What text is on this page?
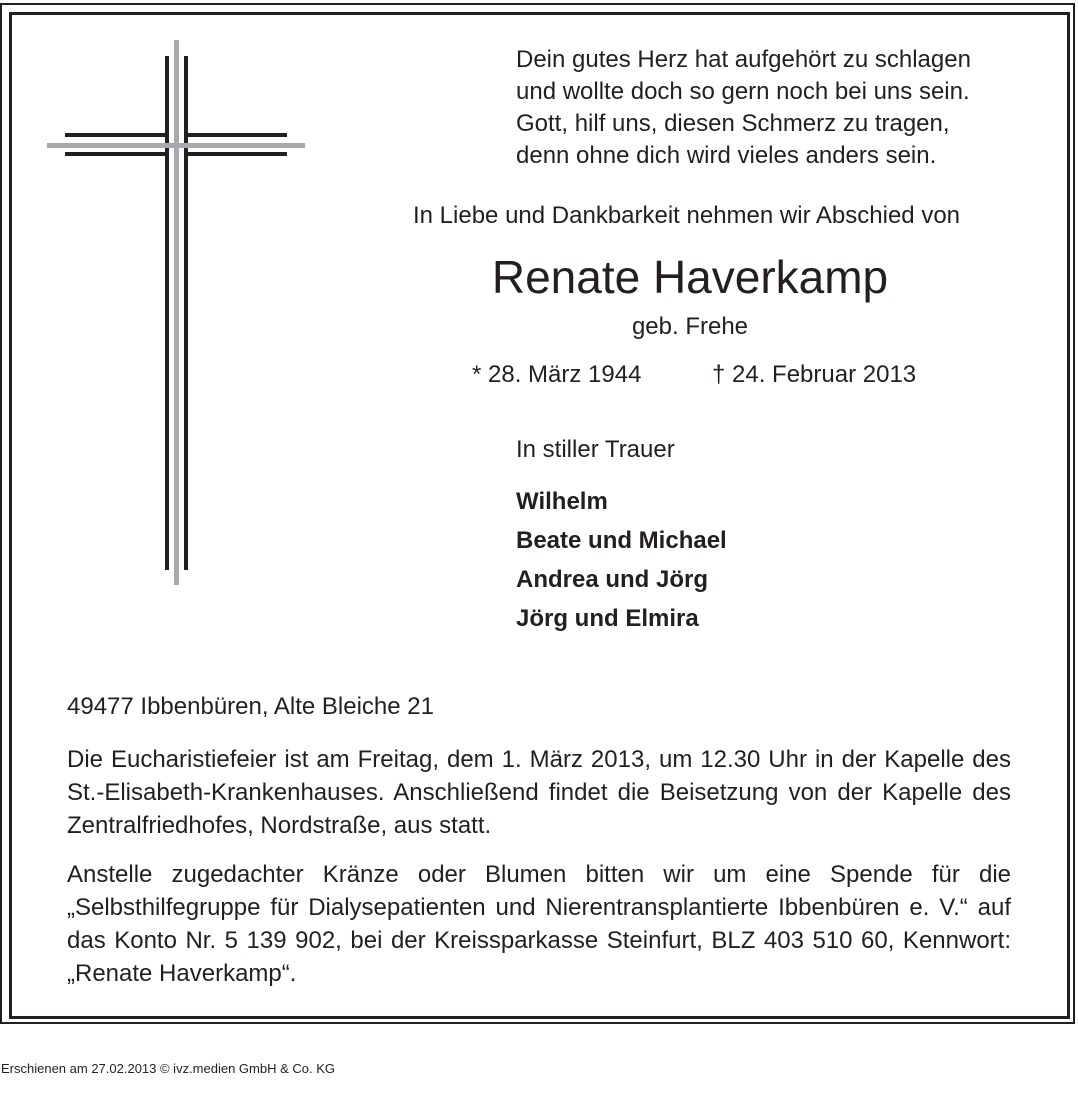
Dein gutes Herz hat aufgehört zu schlagen
und wollte doch so gern noch bei uns sein.
Gott, hilf uns, diesen Schmerz zu tragen,
denn ohne dich wird vieles anders sein.
In Liebe und Dankbarkeit nehmen wir Abschied von
Renate Haverkamp
geb. Frehe
* 28. März 1944	† 24. Februar 2013
In stiller Trauer
Wilhelm
Beate und Michael
Andrea und Jörg
Jörg und Elmira
49477 Ibbenbüren, Alte Bleiche 21
Die Eucharistiefeier ist am Freitag, dem 1. März 2013, um 12.30 Uhr in der Kapelle des St.-Elisabeth-Krankenhauses. Anschließend findet die Beisetzung von der Kapelle des Zentralfriedhofes, Nordstraße, aus statt.
Anstelle zugedachter Kränze oder Blumen bitten wir um eine Spende für die „Selbsthilfegruppe für Dialysepatienten und Nierentransplantierte Ibbenbüren e. V.“ auf das Konto Nr. 5 139 902, bei der Kreissparkasse Steinfurt, BLZ 403 510 60, Kennwort: „Renate Haverkamp“.
Erschienen am 27.02.2013 © ivz.medien GmbH & Co. KG
